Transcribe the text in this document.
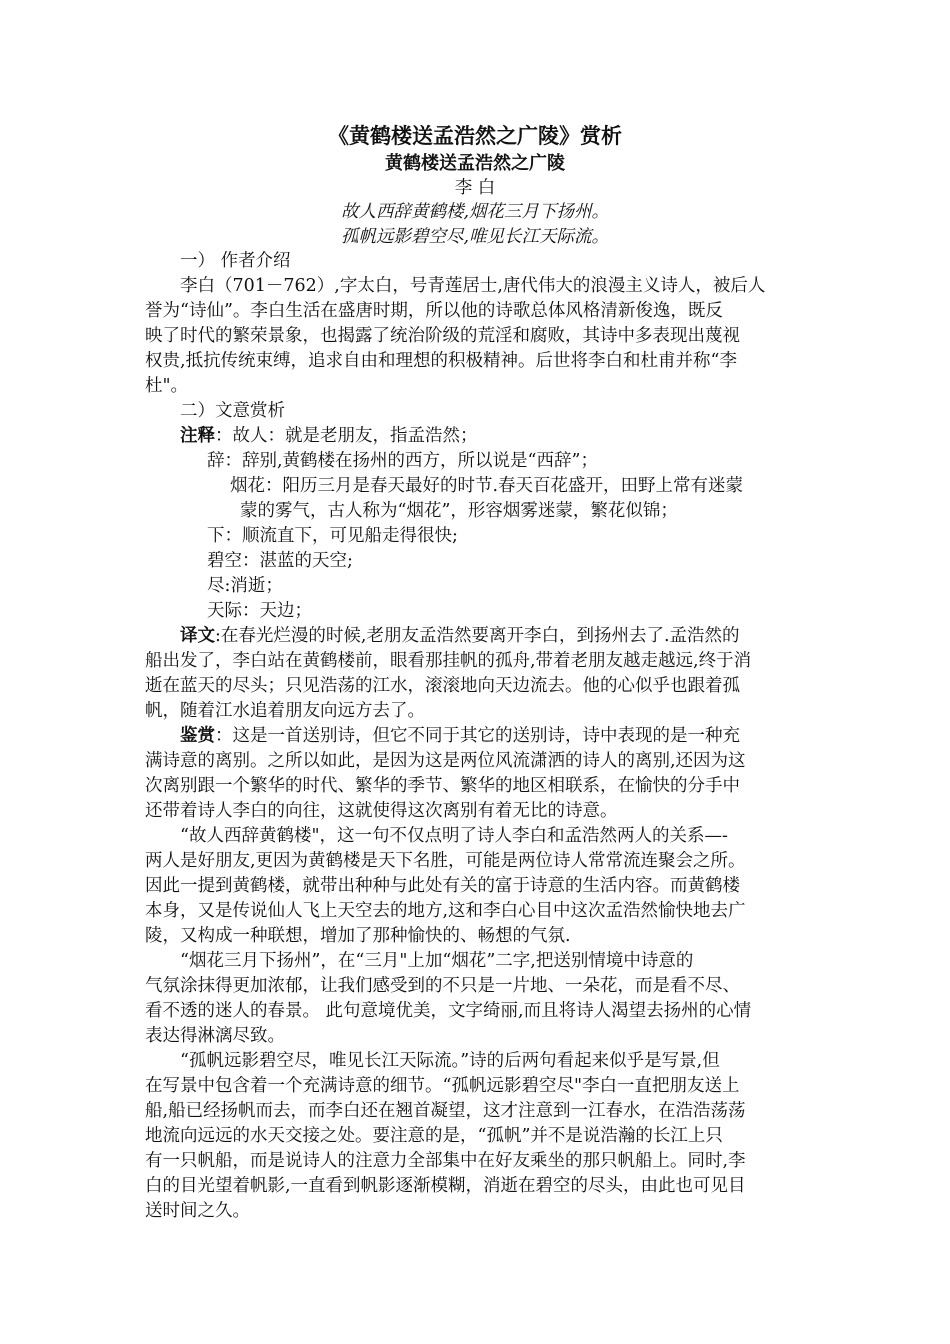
《黄鹤楼送孟浩然之广陵》赏析
黄鹤楼送孟浩然之广陵
李 白
故人西辞黄鹤楼,烟花三月下扬州。
孤帆远影碧空尽,唯见长江天际流。
一） 作者介绍
李白（701－762）,字太白，号青莲居士,唐代伟大的浪漫主义诗人，被后人
誉为“诗仙”。李白生活在盛唐时期，所以他的诗歌总体风格清新俊逸，既反
映了时代的繁荣景象，也揭露了统治阶级的荒淫和腐败，其诗中多表现出蔑视
权贵,抵抗传统束缚，追求自由和理想的积极精神。后世将李白和杜甫并称“李
杜"。
二）文意赏析
注释：故人：就是老朋友，指孟浩然；
辞：辞别,黄鹤楼在扬州的西方，所以说是“西辞”；
烟花：阳历三月是春天最好的时节.春天百花盛开，田野上常有迷蒙
蒙的雾气，古人称为“烟花”，形容烟雾迷蒙，繁花似锦；
下：顺流直下，可见船走得很快;
碧空：湛蓝的天空;
尽:消逝；
天际：天边；
译文:在春光烂漫的时候,老朋友孟浩然要离开李白，到扬州去了.孟浩然的
船出发了，李白站在黄鹤楼前，眼看那挂帆的孤舟,带着老朋友越走越远,终于消
逝在蓝天的尽头；只见浩荡的江水，滚滚地向天边流去。他的心似乎也跟着孤
帆，随着江水追着朋友向远方去了。
鉴赏：这是一首送别诗，但它不同于其它的送别诗，诗中表现的是一种充
满诗意的离别。之所以如此，是因为这是两位风流潇洒的诗人的离别,还因为这
次离别跟一个繁华的时代、繁华的季节、繁华的地区相联系，在愉快的分手中
还带着诗人李白的向往，这就使得这次离别有着无比的诗意。
“故人西辞黄鹤楼"，这一句不仅点明了诗人李白和孟浩然两人的关系—-
两人是好朋友,更因为黄鹤楼是天下名胜，可能是两位诗人常常流连聚会之所。
因此一提到黄鹤楼，就带出种种与此处有关的富于诗意的生活内容。而黄鹤楼
本身，又是传说仙人飞上天空去的地方,这和李白心目中这次孟浩然愉快地去广
陵，又构成一种联想，增加了那种愉快的、畅想的气氛.
“烟花三月下扬州”，在“三月"上加“烟花”二字,把送别情境中诗意的
气氛涂抹得更加浓郁，让我们感受到的不只是一片地、一朵花，而是看不尽、
看不透的迷人的春景。 此句意境优美，文字绮丽,而且将诗人渴望去扬州的心情
表达得淋漓尽致。
“孤帆远影碧空尽，唯见长江天际流。”诗的后两句看起来似乎是写景,但
在写景中包含着一个充满诗意的细节。“孤帆远影碧空尽"李白一直把朋友送上
船,船已经扬帆而去，而李白还在翘首凝望，这才注意到一江春水，在浩浩荡荡
地流向远远的水天交接之处。要注意的是，“孤帆”并不是说浩瀚的长江上只
有一只帆船，而是说诗人的注意力全部集中在好友乘坐的那只帆船上。同时,李
白的目光望着帆影,一直看到帆影逐渐模糊，消逝在碧空的尽头，由此也可见目
送时间之久。
